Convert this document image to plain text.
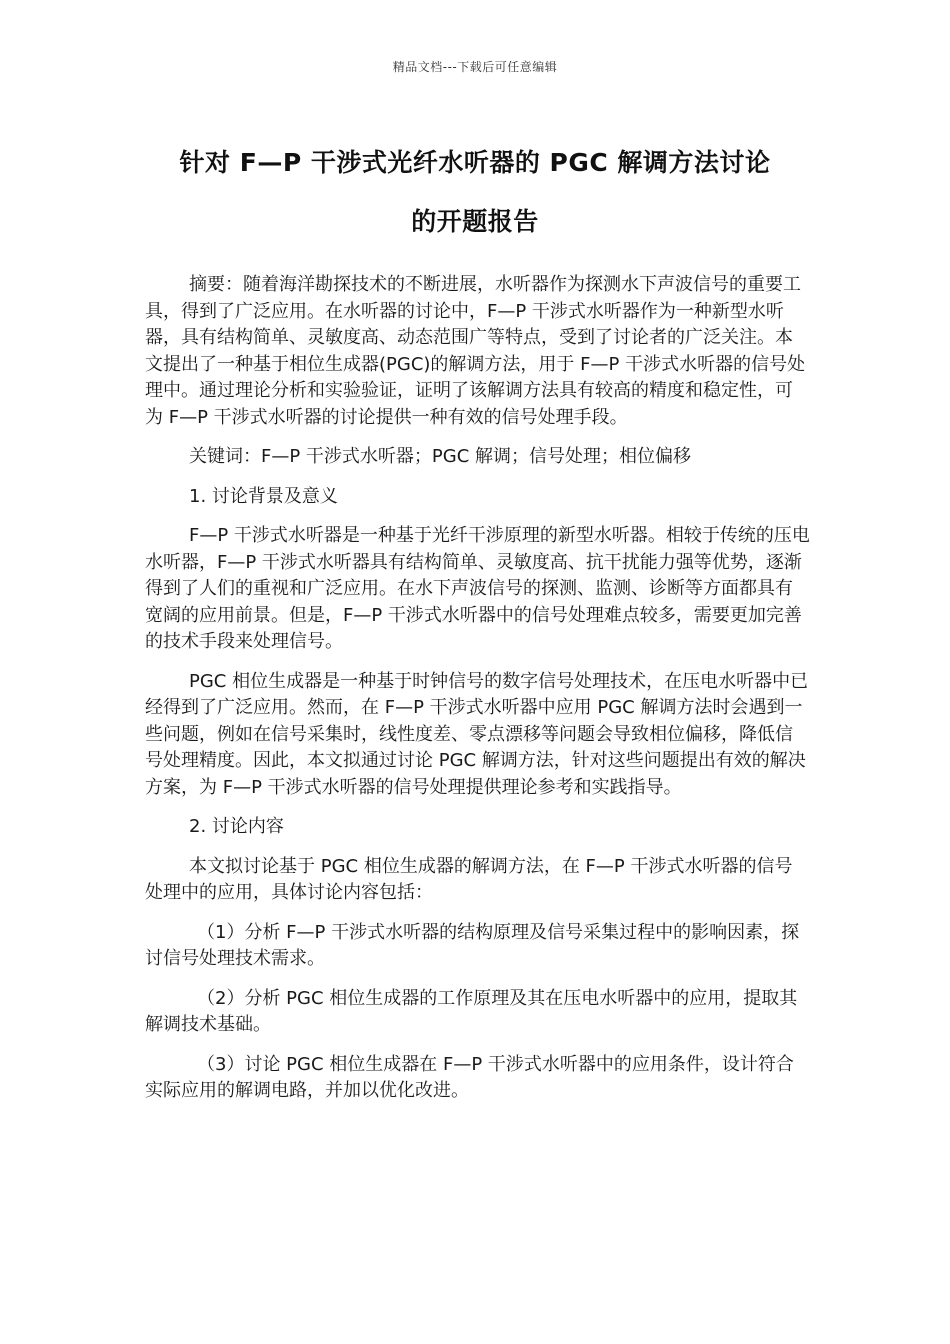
精品文档---下载后可任意编辑
针对 F—P 干涉式光纤水听器的 PGC 解调方法讨论
的开题报告

摘要：随着海洋勘探技术的不断进展，水听器作为探测水下声波信号的重要工具，得到了广泛应用。在水听器的讨论中，F—P 干涉式水听器作为一种新型水听器，具有结构简单、灵敏度高、动态范围广等特点，受到了讨论者的广泛关注。本文提出了一种基于相位生成器(PGC)的解调方法，用于 F—P 干涉式水听器的信号处理中。通过理论分析和实验验证，证明了该解调方法具有较高的精度和稳定性，可为 F—P 干涉式水听器的讨论提供一种有效的信号处理手段。

关键词：F—P 干涉式水听器；PGC 解调；信号处理；相位偏移

1. 讨论背景及意义

F—P 干涉式水听器是一种基于光纤干涉原理的新型水听器。相较于传统的压电水听器，F—P 干涉式水听器具有结构简单、灵敏度高、抗干扰能力强等优势，逐渐得到了人们的重视和广泛应用。在水下声波信号的探测、监测、诊断等方面都具有宽阔的应用前景。但是，F—P 干涉式水听器中的信号处理难点较多，需要更加完善的技术手段来处理信号。

PGC 相位生成器是一种基于时钟信号的数字信号处理技术，在压电水听器中已经得到了广泛应用。然而，在 F—P 干涉式水听器中应用 PGC 解调方法时会遇到一些问题，例如在信号采集时，线性度差、零点漂移等问题会导致相位偏移，降低信号处理精度。因此，本文拟通过讨论 PGC 解调方法，针对这些问题提出有效的解决方案，为 F—P 干涉式水听器的信号处理提供理论参考和实践指导。

2. 讨论内容

本文拟讨论基于 PGC 相位生成器的解调方法，在 F—P 干涉式水听器的信号处理中的应用，具体讨论内容包括：

（1）分析 F—P 干涉式水听器的结构原理及信号采集过程中的影响因素，探讨信号处理技术需求。

（2）分析 PGC 相位生成器的工作原理及其在压电水听器中的应用，提取其解调技术基础。

（3）讨论 PGC 相位生成器在 F—P 干涉式水听器中的应用条件，设计符合实际应用的解调电路，并加以优化改进。
